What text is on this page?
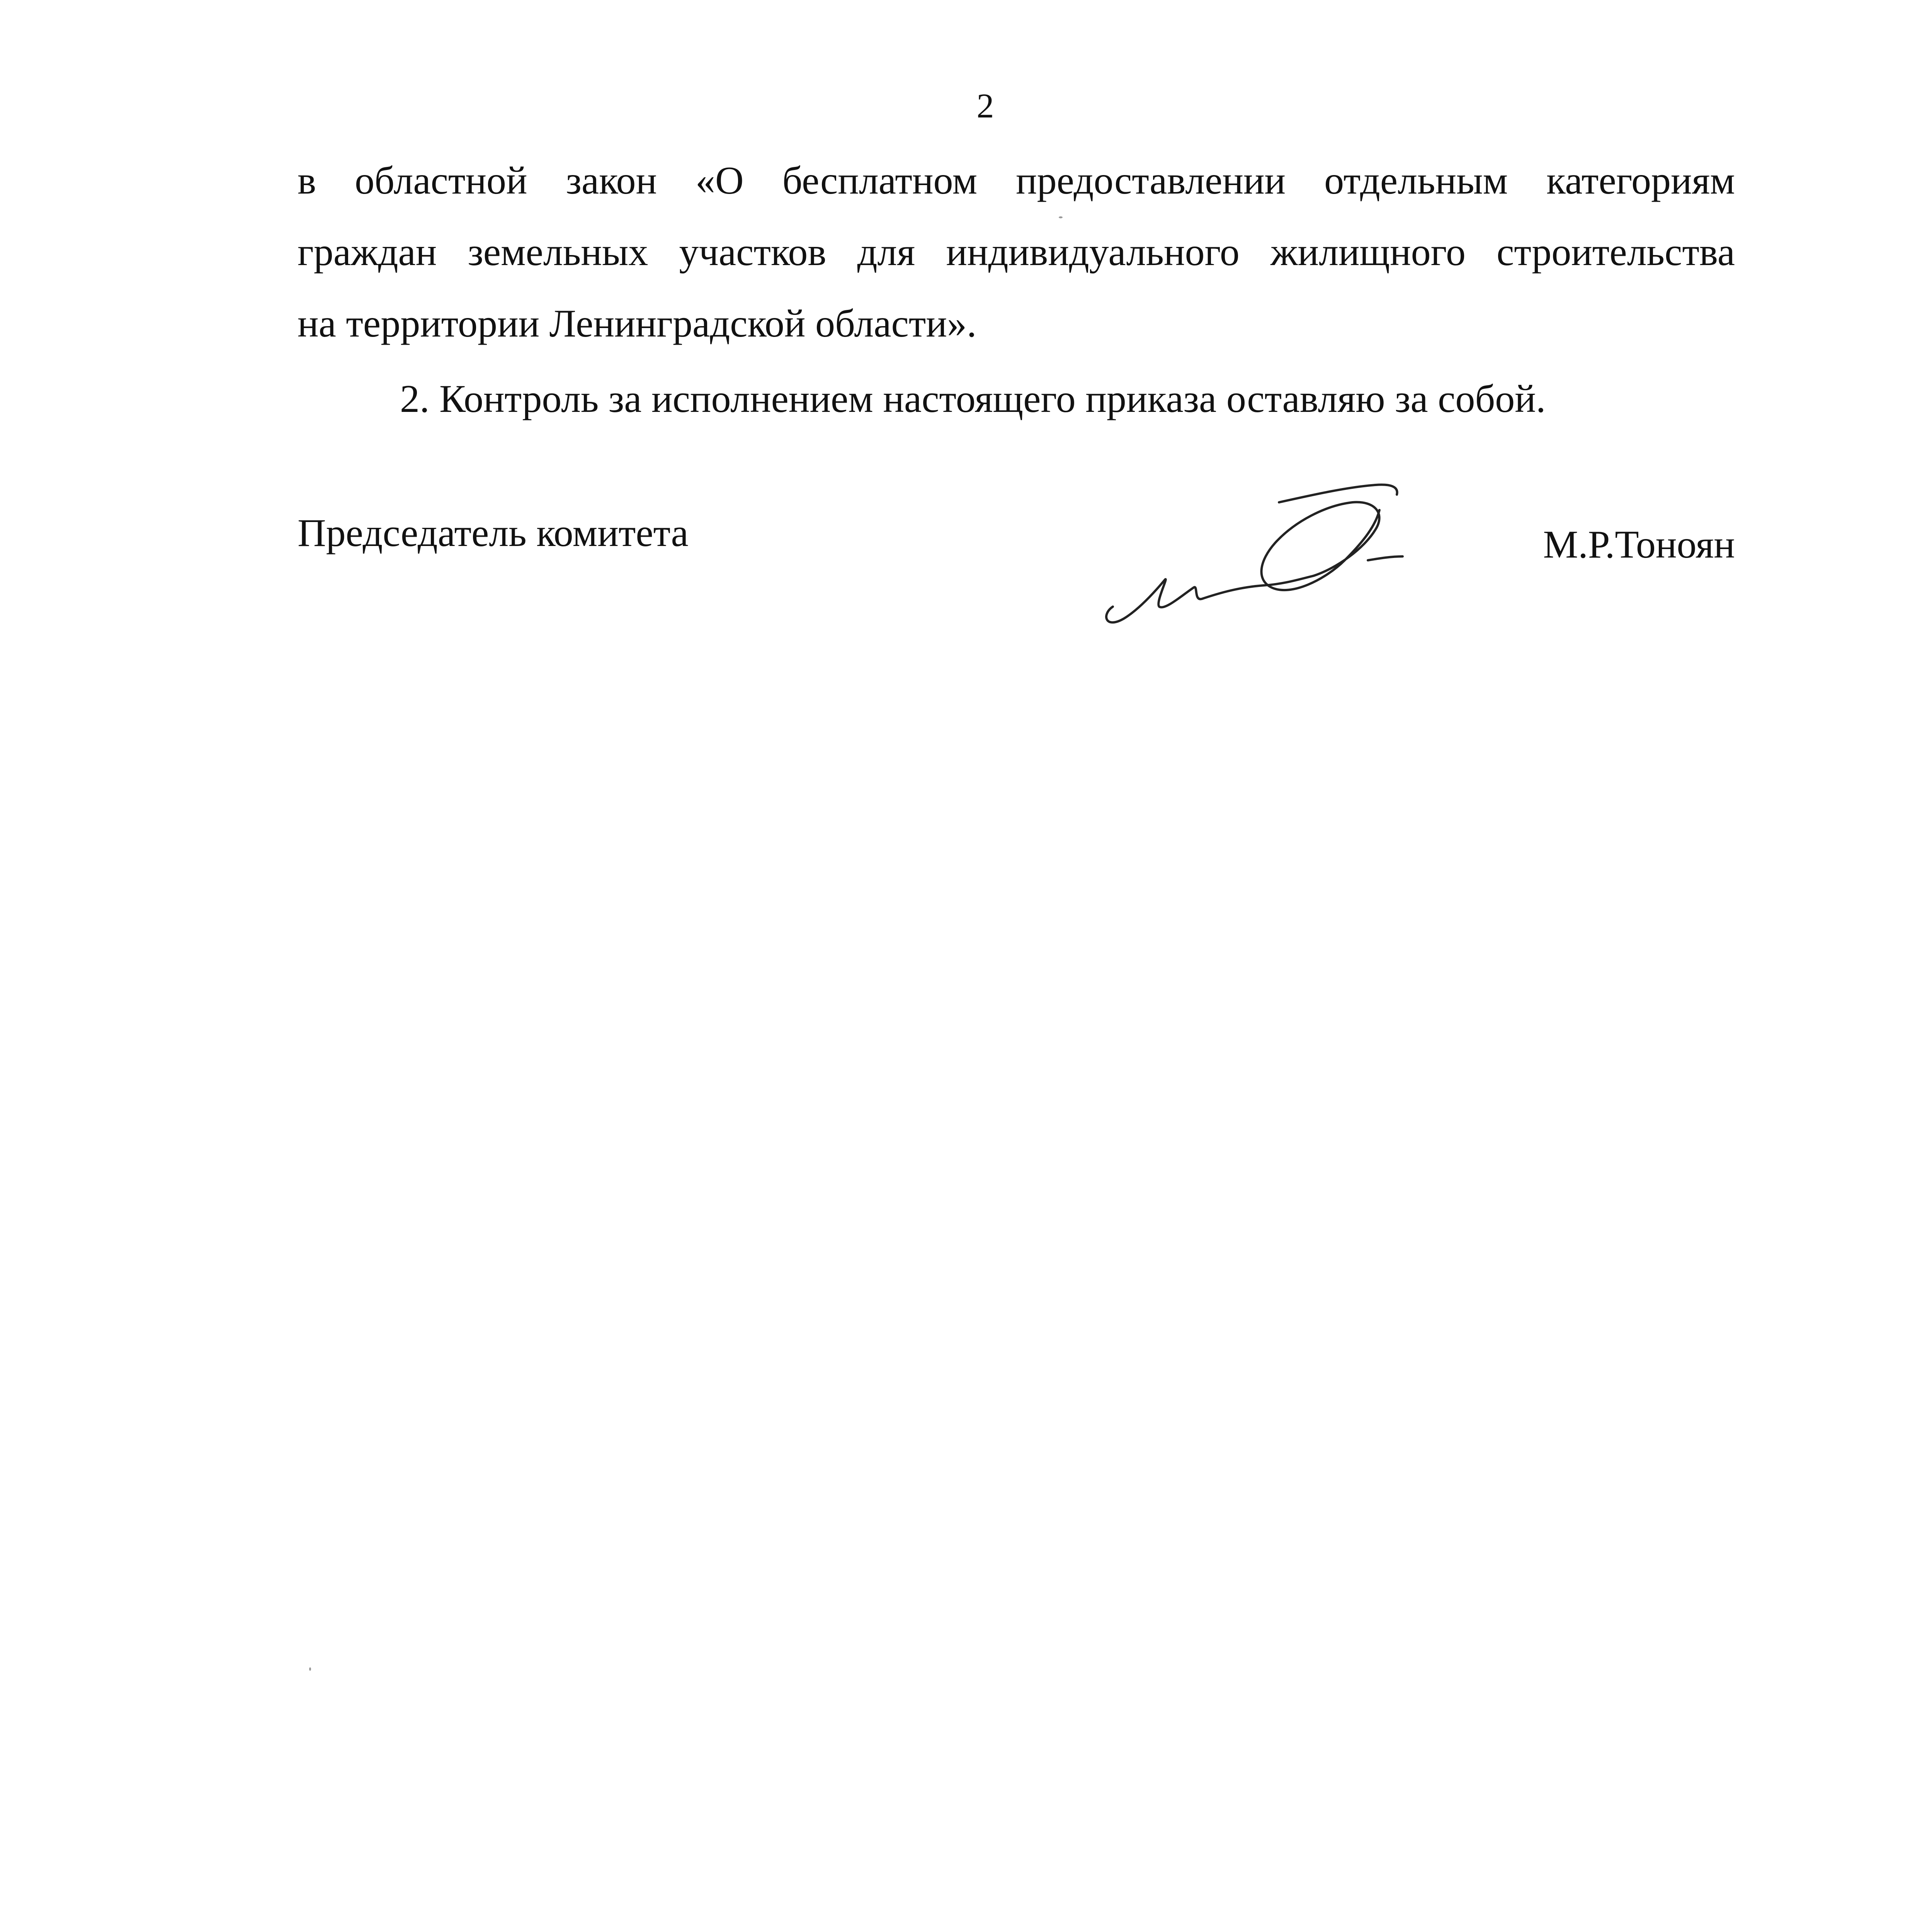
2
в областной закон «О бесплатном предоставлении отдельным категориям
граждан земельных участков для индивидуального жилищного строительства
на территории Ленинградской области».
2. Контроль за исполнением настоящего приказа оставляю за собой.
Председатель комитета	М.Р.Тоноян
